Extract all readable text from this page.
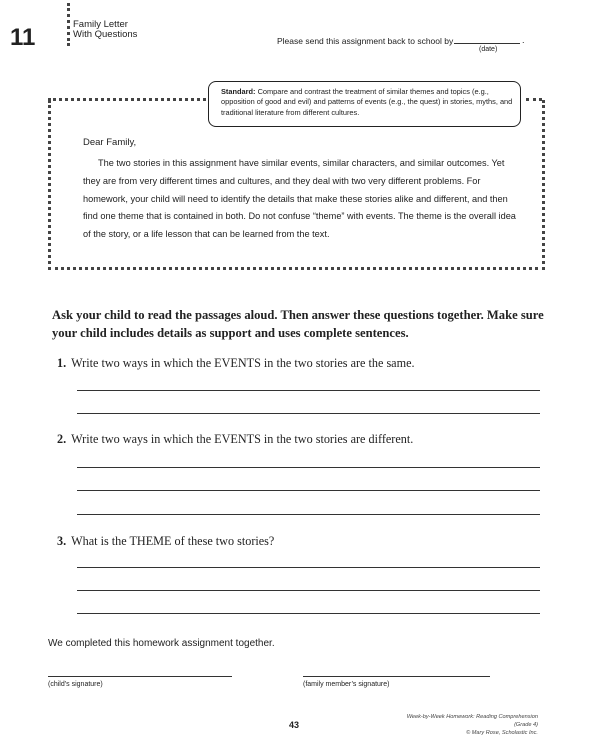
11	Family Letter
With Questions
Please send this assignment back to school by	.
(date)
Standard: Compare and contrast the treatment of similar themes and topics (e.g., opposition of good and evil) and patterns of events (e.g., the quest) in stories, myths, and traditional literature from different cultures.
Dear Family,
The two stories in this assignment have similar events, similar characters, and similar outcomes. Yet they are from very different times and cultures, and they deal with two very different problems. For homework, your child will need to identify the details that make these stories alike and different, and then find one theme that is contained in both. Do not confuse “theme” with events. The theme is the overall idea of the story, or a life lesson that can be learned from the text.
Ask your child to read the passages aloud. Then answer these questions together. Make sure your child includes details as support and uses complete sentences.
1. Write two ways in which the EVENTS in the two stories are the same.
2. Write two ways in which the EVENTS in the two stories are different.
3. What is the THEME of these two stories?
We completed this homework assignment together.
(child’s signature)	(family member’s signature)
43
Week-by-Week Homework: Reading Comprehension (Grade 4)
© Mary Rose, Scholastic Inc.
